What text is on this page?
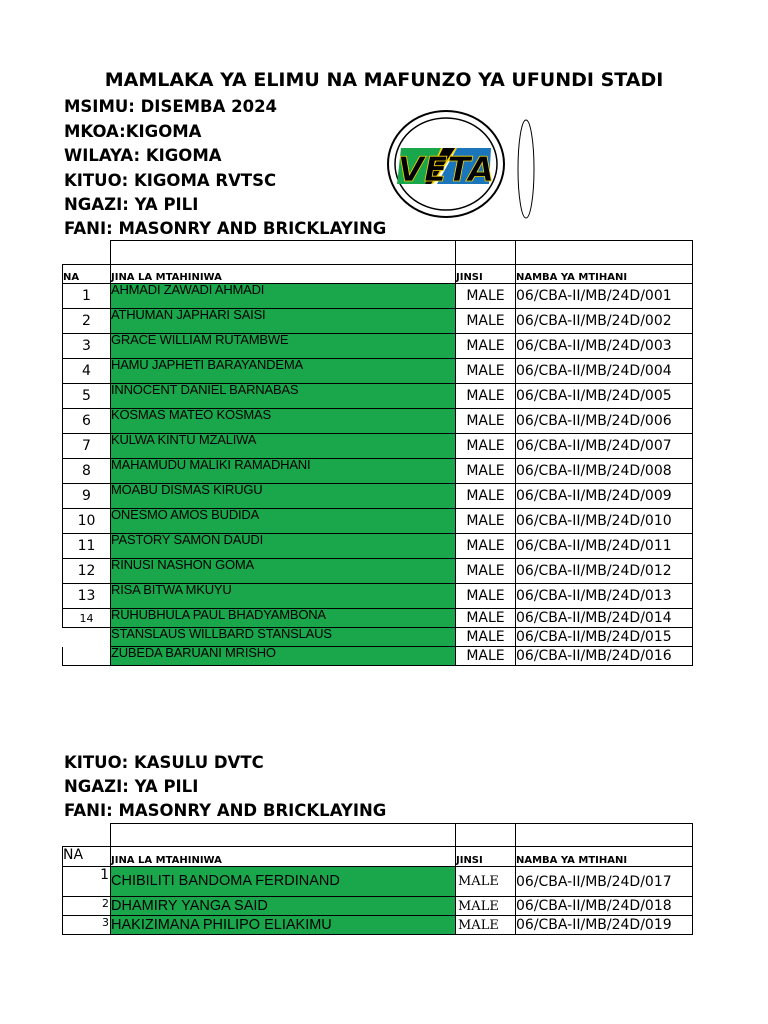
MAMLAKA YA ELIMU NA MAFUNZO YA UFUNDI STADI
MSIMU: DISEMBA 2024
MKOA:KIGOMA
WILAYA: KIGOMA
KITUO: KIGOMA RVTSC
NGAZI: YA PILI
FANI: MASONRY AND BRICKLAYING
VETA

NA	JINA LA MTAHINIWA	JINSI	NAMBA YA MTIHANI
1	AHMADI ZAWADI AHMADI	MALE	06/CBA-II/MB/24D/001
2	ATHUMAN JAPHARI SAISI	MALE	06/CBA-II/MB/24D/002
3	GRACE WILLIAM RUTAMBWE	MALE	06/CBA-II/MB/24D/003
4	HAMU JAPHETI BARAYANDEMA	MALE	06/CBA-II/MB/24D/004
5	INNOCENT DANIEL BARNABAS	MALE	06/CBA-II/MB/24D/005
6	KOSMAS MATEO KOSMAS	MALE	06/CBA-II/MB/24D/006
7	KULWA KINTU MZALIWA	MALE	06/CBA-II/MB/24D/007
8	MAHAMUDU MALIKI RAMADHANI	MALE	06/CBA-II/MB/24D/008
9	MOABU DISMAS KIRUGU	MALE	06/CBA-II/MB/24D/009
10	ONESMO AMOS BUDIDA	MALE	06/CBA-II/MB/24D/010
11	PASTORY SAMON DAUDI	MALE	06/CBA-II/MB/24D/011
12	RINUSI NASHON GOMA	MALE	06/CBA-II/MB/24D/012
13	RISA BITWA MKUYU	MALE	06/CBA-II/MB/24D/013
14	RUHUBHULA PAUL BHADYAMBONA	MALE	06/CBA-II/MB/24D/014
	STANSLAUS WILLBARD STANSLAUS	MALE	06/CBA-II/MB/24D/015
	ZUBEDA BARUANI MRISHO	MALE	06/CBA-II/MB/24D/016
KITUO: KASULU DVTC
NGAZI: YA PILI
FANI: MASONRY AND BRICKLAYING

NA	JINA LA MTAHINIWA	JINSI	NAMBA YA MTIHANI
1	CHIBILITI BANDOMA FERDINAND	MALE	06/CBA-II/MB/24D/017
2	DHAMIRY YANGA SAID	MALE	06/CBA-II/MB/24D/018
3	HAKIZIMANA PHILIPO ELIAKIMU	MALE	06/CBA-II/MB/24D/019
